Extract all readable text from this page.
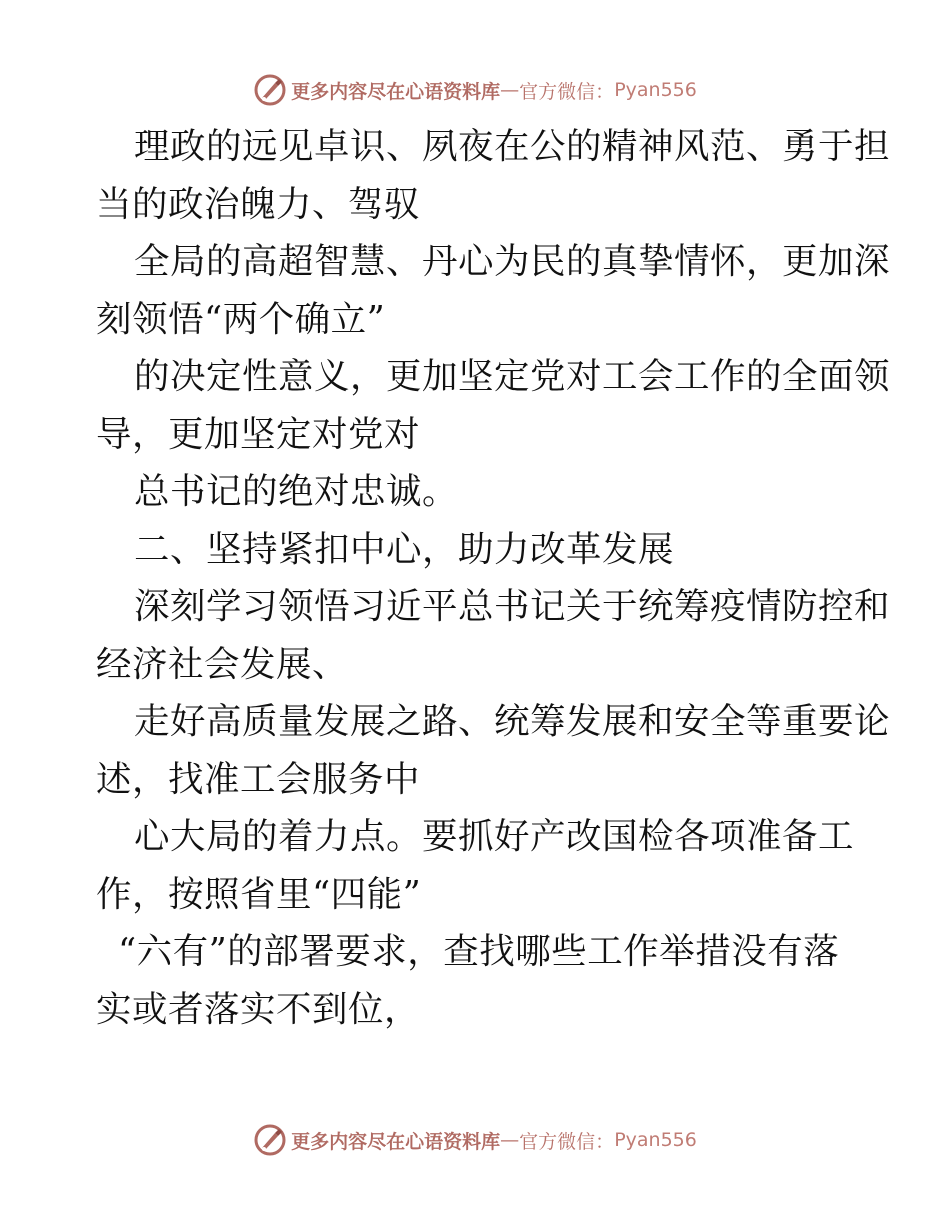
更多内容尽在心语资料库 — 官方微信： Pyan556
理政的远见卓识、夙夜在公的精神风范、勇于担
当的政治魄力、驾驭
全局的高超智慧、丹心为民的真挚情怀，更加深
刻领悟“两个确立”
的决定性意义，更加坚定党对工会工作的全面领
导，更加坚定对党对
总书记的绝对忠诚。
二、坚持紧扣中心，助力改革发展
深刻学习领悟习近平总书记关于统筹疫情防控和
经济社会发展、
走好高质量发展之路、统筹发展和安全等重要论
述，找准工会服务中
心大局的着力点。要抓好产改国检各项准备工
作，按照省里“四能”
“六有”的部署要求，查找哪些工作举措没有落
实或者落实不到位，
更多内容尽在心语资料库 — 官方微信： Pyan556
